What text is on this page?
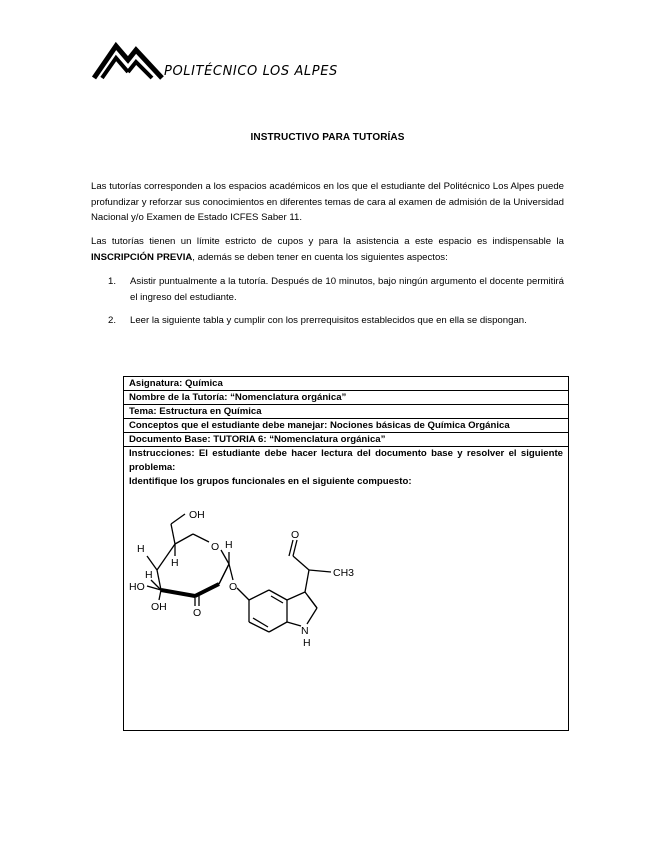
POLITÉCNICO LOS ALPES
INSTRUCTIVO PARA TUTORÍAS
Las tutorías corresponden a los espacios académicos en los que el estudiante del Politécnico Los Alpes puede profundizar y reforzar sus conocimientos en diferentes temas de cara al examen de admisión de la Universidad Nacional y/o Examen de Estado ICFES Saber 11.
Las tutorías tienen un límite estricto de cupos y para la asistencia a este espacio es indispensable la INSCRIPCIÓN PREVIA, además se deben tener en cuenta los siguientes aspectos:
1. Asistir puntualmente a la tutoría. Después de 10 minutos, bajo ningún argumento el docente permitirá el ingreso del estudiante.
2. Leer la siguiente tabla y cumplir con los prerrequisitos establecidos que en ella se dispongan.
Asignatura: Química
Nombre de la Tutoría: “Nomenclatura orgánica”
Tema: Estructura en Química
Conceptos que el estudiante debe manejar: Nociones básicas de Química Orgánica
Documento Base: TUTORIA 6: “Nomenclatura orgánica”

Instrucciones: El estudiante debe hacer lectura del documento base y resolver el siguiente problema:
Identifique los grupos funcionales en el siguiente compuesto:
OH
H
H
H
H
HO
OH	O
O
O
O
CH3
N
H
